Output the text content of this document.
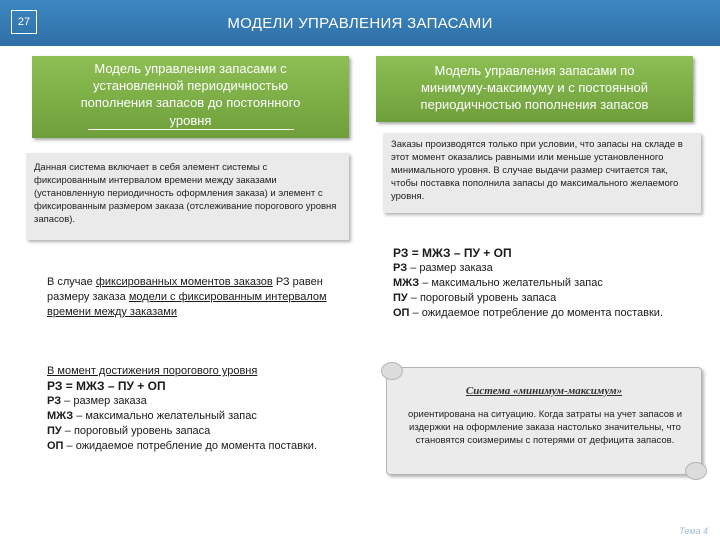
27	МОДЕЛИ УПРАВЛЕНИЯ ЗАПАСАМИ
Модель управления запасами с
установленной периодичностью
пополнения запасов до постоянного
уровня
Модель управления запасами по
минимуму-максимуму и с постоянной
периодичностью пополнения запасов
Данная система включает в себя элемент системы с фиксированным интервалом времени между заказами (установленную периодичность оформления заказа) и элемент с фиксированным размером заказа (отслеживание порогового уровня запасов).
Заказы производятся только при условии, что запасы на складе в этот момент оказались равными или меньше установленного минимального уровня. В случае выдачи размер считается так, чтобы поставка пополнила запасы до максимального желаемого уровня.
В случае фиксированных моментов заказов РЗ равен размеру заказа модели с фиксированным интервалом времени между заказами
В момент достижения порогового уровня
РЗ = МЖЗ – ПУ + ОП
РЗ – размер заказа
МЖЗ – максимально желательный запас
ПУ – пороговый уровень запаса
ОП – ожидаемое потребление до момента поставки.
РЗ = МЖЗ – ПУ + ОП
РЗ – размер заказа
МЖЗ – максимально желательный запас
ПУ – пороговый уровень запаса
ОП – ожидаемое потребление до момента поставки.
Система «минимум-максимум»
ориентирована на ситуацию. Когда затраты на учет запасов и издержки на оформление заказа настолько значительны, что становятся соизмеримы с потерями от дефицита запасов.
Тема 4
